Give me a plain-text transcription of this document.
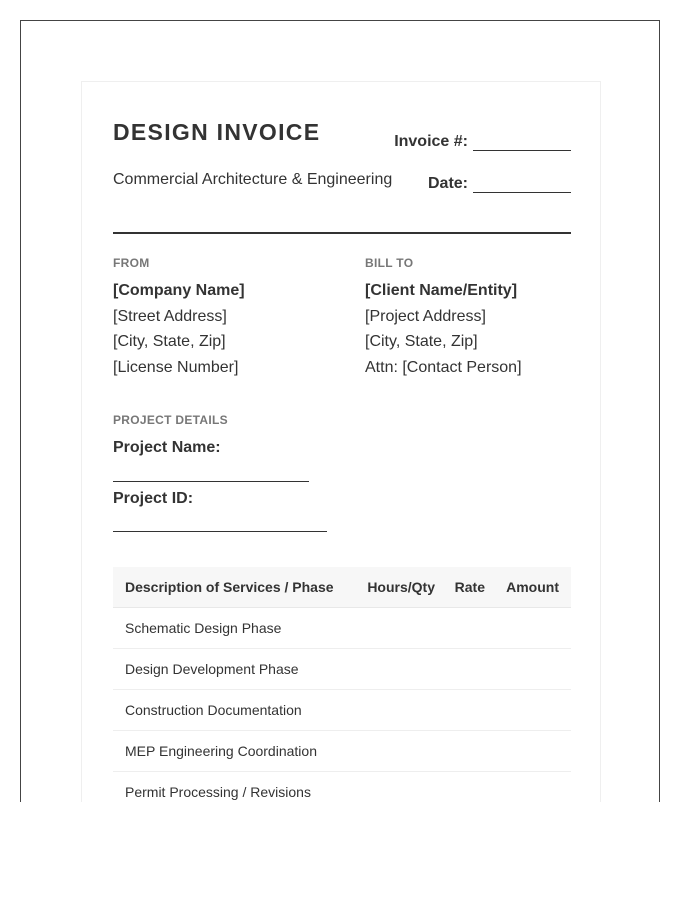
DESIGN INVOICE
Commercial Architecture & Engineering
Invoice #:
Date:
FROM
[Company Name]
[Street Address]
[City, State, Zip]
[License Number]
BILL TO
[Client Name/Entity]
[Project Address]
[City, State, Zip]
Attn: [Contact Person]
PROJECT DETAILS
Project Name:
Project ID:
Description of Services / Phase	Hours/Qty	Rate	Amount
Schematic Design Phase			
Design Development Phase			
Construction Documentation			
MEP Engineering Coordination			
Permit Processing / Revisions			
